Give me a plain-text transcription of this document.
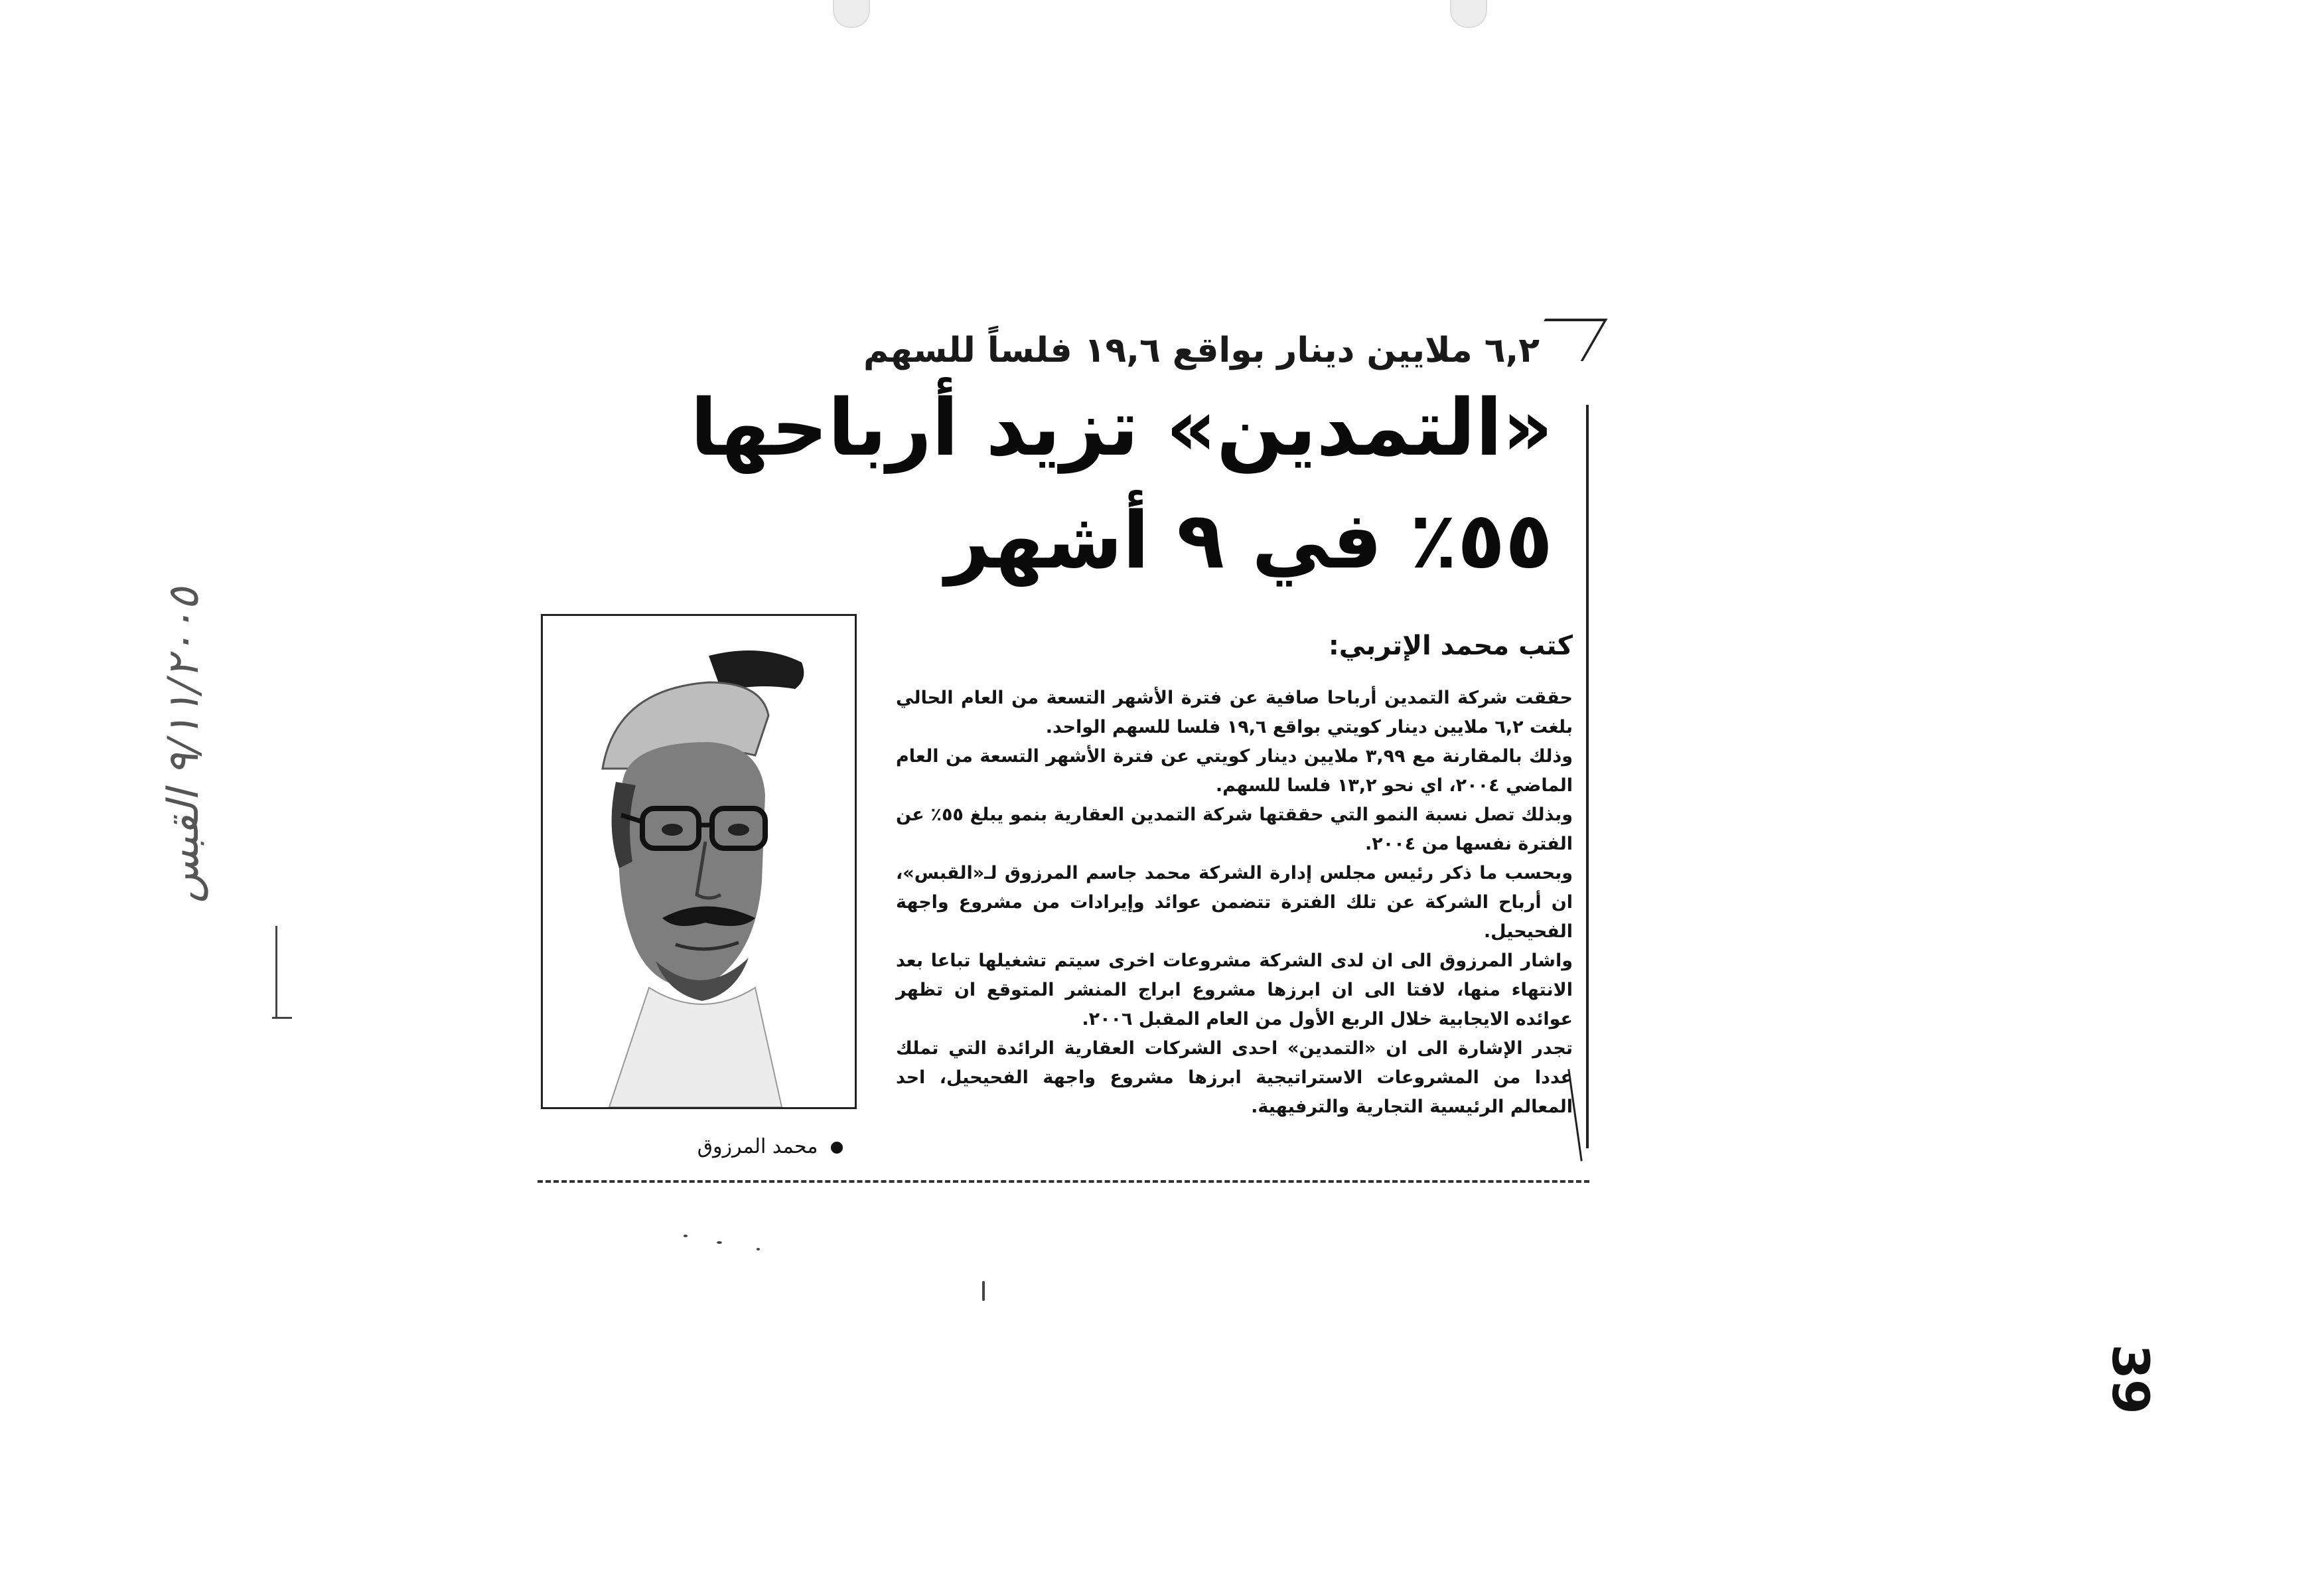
٩/١١/٢٠٠٥ القبس
٦,٢ ملايين دينار بواقع ١٩,٦ فلساً للسهم
«التمدين» تزيد أرباحها
٥٥٪ في ٩ أشهر
محمد المرزوق
كتب محمد الإتربي:

حققت شركة التمدين أرباحا صافية عن فترة الأشهر التسعة من العام الحالي بلغت ٦,٢ ملايين دينار كويتي بواقع ١٩,٦ فلسا للسهم الواحد.

وذلك بالمقارنة مع ٣,٩٩ ملايين دينار كويتي عن فترة الأشهر التسعة من العام الماضي ٢٠٠٤، اي نحو ١٣,٢ فلسا للسهم.

وبذلك تصل نسبة النمو التي حققتها شركة التمدين العقارية بنمو يبلغ ٥٥٪ عن الفترة نفسها من ٢٠٠٤.

وبحسب ما ذكر رئيس مجلس إدارة الشركة محمد جاسم المرزوق لـ«القبس»، ان أرباح الشركة عن تلك الفترة تتضمن عوائد وإيرادات من مشروع واجهة الفحيحيل.

واشار المرزوق الى ان لدى الشركة مشروعات اخرى سيتم تشغيلها تباعا بعد الانتهاء منها، لافتا الى ان ابرزها مشروع ابراج المنشر المتوقع ان تظهر عوائده الايجابية خلال الربع الأول من العام المقبل ٢٠٠٦.

تجدر الإشارة الى ان «التمدين» احدى الشركات العقارية الرائدة التي تملك عددا من المشروعات الاستراتيجية ابرزها مشروع واجهة الفحيحيل، احد المعالم الرئيسية التجارية والترفيهية.

39
